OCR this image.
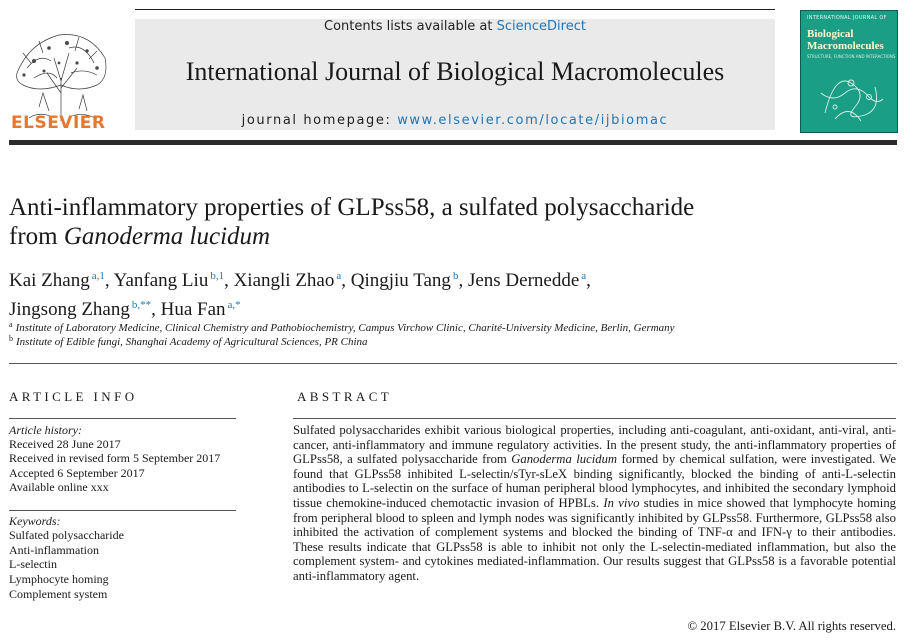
ELSEVIER
Contents lists available at ScienceDirect
International Journal of Biological Macromolecules
journal homepage: www.elsevier.com/locate/ijbiomac
INTERNATIONAL JOURNAL OF
Biological Macromolecules
STRUCTURE, FUNCTION AND INTERACTIONS
Anti-inflammatory properties of GLPss58, a sulfated polysaccharide
from Ganoderma lucidum
Kai Zhang $^{a,1}$, Yanfang Liu $^{b,1}$, Xiangli Zhao $^a$, Qingjiu Tang $^b$, Jens Dernedde $^a$,
Jingsong Zhang $^{b,**}$, Hua Fan $^{a,*}$
$^a$ Institute of Laboratory Medicine, Clinical Chemistry and Pathobiochemistry, Campus Virchow Clinic, Charité-University Medicine, Berlin, Germany
$^b$ Institute of Edible fungi, Shanghai Academy of Agricultural Sciences, PR China
ARTICLE INFO
Article history:
Received 28 June 2017
Received in revised form 5 September 2017
Accepted 6 September 2017
Available online xxx
Keywords:
Sulfated polysaccharide
Anti-inflammation
L-selectin
Lymphocyte homing
Complement system
ABSTRACT
Sulfated polysaccharides exhibit various biological properties, including anti-coagulant, anti-oxidant, anti-viral, anti-cancer, anti-inflammatory and immune regulatory activities. In the present study, the anti-inflammatory properties of GLPss58, a sulfated polysaccharide from Ganoderma lucidum formed by chemical sulfation, were investigated. We found that GLPss58 inhibited L-selectin/sTyr-sLeX binding significantly, blocked the binding of anti-L-selectin antibodies to L-selectin on the surface of human peripheral blood lymphocytes, and inhibited the secondary lymphoid tissue chemokine-induced chemotactic invasion of HPBLs. In vivo studies in mice showed that lymphocyte homing from peripheral blood to spleen and lymph nodes was significantly inhibited by GLPss58. Furthermore, GLPss58 also inhibited the activation of complement systems and blocked the binding of TNF-α and IFN-γ to their antibodies. These results indicate that GLPss58 is able to inhibit not only the L-selectin-mediated inflammation, but also the complement system- and cytokines mediated-inflammation. Our results suggest that GLPss58 is a favorable potential anti-inflammatory agent.
© 2017 Elsevier B.V. All rights reserved.
